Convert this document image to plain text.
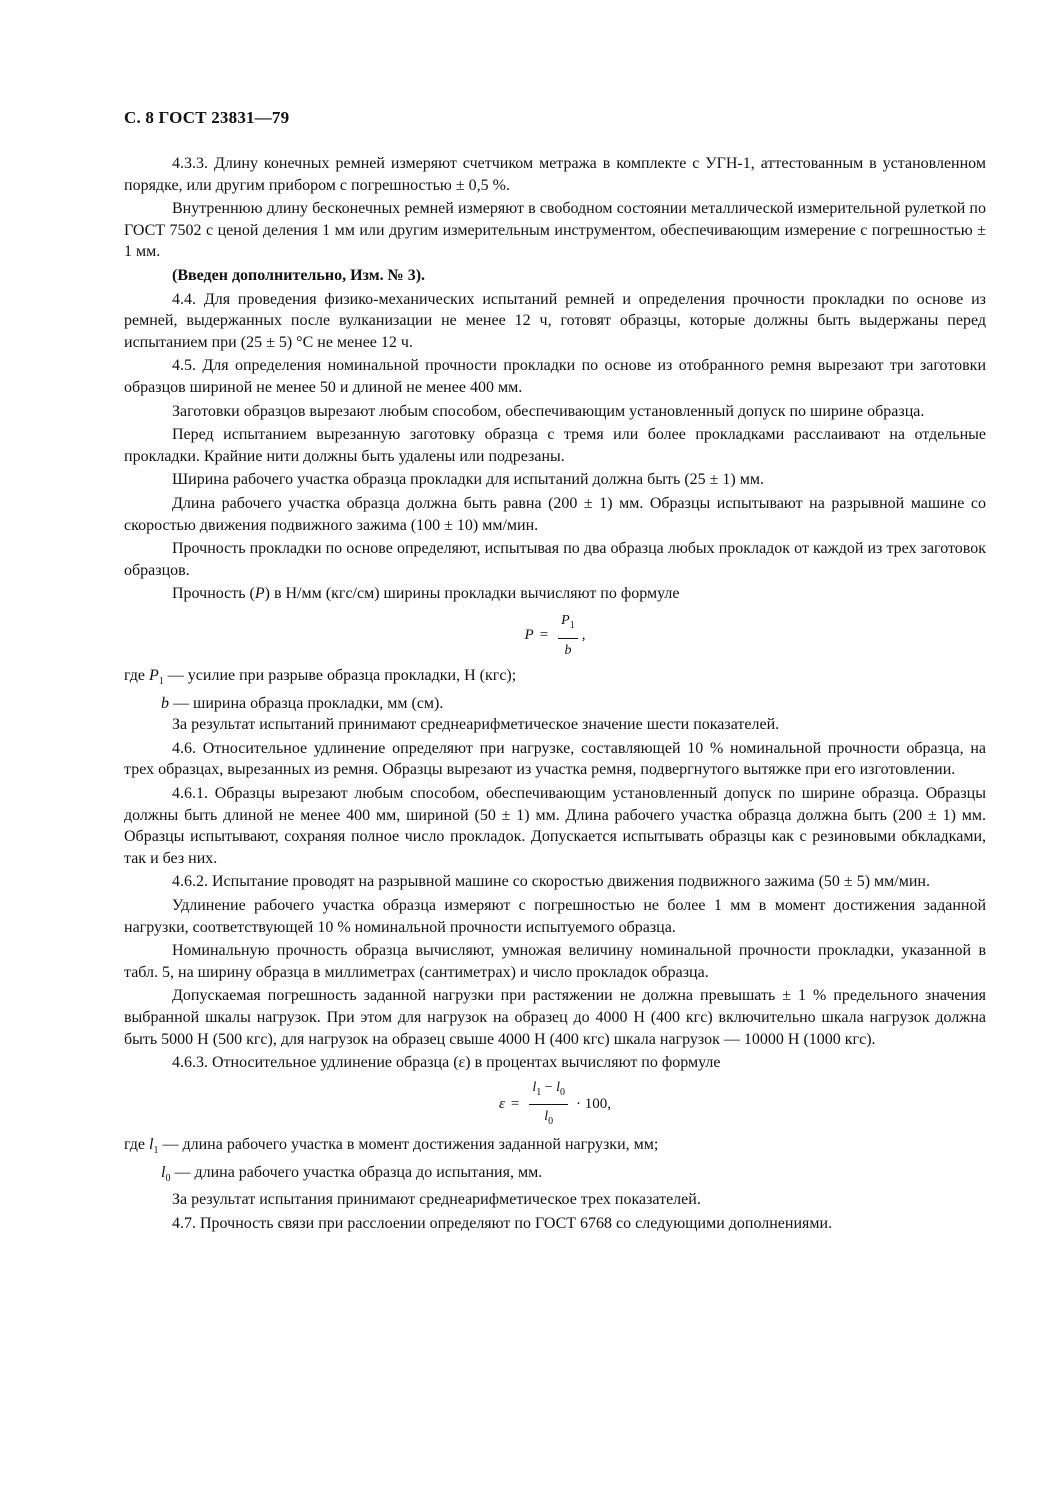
С. 8 ГОСТ 23831—79

4.3.3. Длину конечных ремней измеряют счетчиком метража в комплекте с УГН-1, аттестованным в установленном порядке, или другим прибором с погрешностью ± 0,5 %.

Внутреннюю длину бесконечных ремней измеряют в свободном состоянии металлической измерительной рулеткой по ГОСТ 7502 с ценой деления 1 мм или другим измерительным инструментом, обеспечивающим измерение с погрешностью ± 1 мм.

(Введен дополнительно, Изм. № 3).

4.4. Для проведения физико-механических испытаний ремней и определения прочности прокладки по основе из ремней, выдержанных после вулканизации не менее 12 ч, готовят образцы, которые должны быть выдержаны перед испытанием при (25 ± 5) °С не менее 12 ч.

4.5. Для определения номинальной прочности прокладки по основе из отобранного ремня вырезают три заготовки образцов шириной не менее 50 и длиной не менее 400 мм.

Заготовки образцов вырезают любым способом, обеспечивающим установленный допуск по ширине образца.

Перед испытанием вырезанную заготовку образца с тремя или более прокладками расслаивают на отдельные прокладки. Крайние нити должны быть удалены или подрезаны.

Ширина рабочего участка образца прокладки для испытаний должна быть (25 ± 1) мм.

Длина рабочего участка образца должна быть равна (200 ± 1) мм. Образцы испытывают на разрывной машине со скоростью движения подвижного зажима (100 ± 10) мм/мин.

Прочность прокладки по основе определяют, испытывая по два образца любых прокладок от каждой из трех заготовок образцов.

Прочность (P) в Н/мм (кгс/см) ширины прокладки вычисляют по формуле

$P = \frac{P_1}{b}$ ,

где $P_1$ — усилие при разрыве образца прокладки, Н (кгс);

b — ширина образца прокладки, мм (см).

За результат испытаний принимают среднеарифметическое значение шести показателей.

4.6. Относительное удлинение определяют при нагрузке, составляющей 10 % номинальной прочности образца, на трех образцах, вырезанных из ремня. Образцы вырезают из участка ремня, подвергнутого вытяжке при его изготовлении.

4.6.1. Образцы вырезают любым способом, обеспечивающим установленный допуск по ширине образца. Образцы должны быть длиной не менее 400 мм, шириной (50 ± 1) мм. Длина рабочего участка образца должна быть (200 ± 1) мм. Образцы испытывают, сохраняя полное число прокладок. Допускается испытывать образцы как с резиновыми обкладками, так и без них.

4.6.2. Испытание проводят на разрывной машине со скоростью движения подвижного зажима (50 ± 5) мм/мин.

Удлинение рабочего участка образца измеряют с погрешностью не более 1 мм в момент достижения заданной нагрузки, соответствующей 10 % номинальной прочности испытуемого образца.

Номинальную прочность образца вычисляют, умножая величину номинальной прочности прокладки, указанной в табл. 5, на ширину образца в миллиметрах (сантиметрах) и число прокладок образца.

Допускаемая погрешность заданной нагрузки при растяжении не должна превышать ± 1 % предельного значения выбранной шкалы нагрузок. При этом для нагрузок на образец до 4000 Н (400 кгс) включительно шкала нагрузок должна быть 5000 Н (500 кгс), для нагрузок на образец свыше 4000 Н (400 кгс) шкала нагрузок — 10000 Н (1000 кгс).

4.6.3. Относительное удлинение образца (ε) в процентах вычисляют по формуле

$\varepsilon = \frac{l_1 - l_0}{l_0} \cdot 100$,

где $l_1$ — длина рабочего участка в момент достижения заданной нагрузки, мм;

$l_0$ — длина рабочего участка образца до испытания, мм.

За результат испытания принимают среднеарифметическое трех показателей.

4.7. Прочность связи при расслоении определяют по ГОСТ 6768 со следующими дополнениями.
